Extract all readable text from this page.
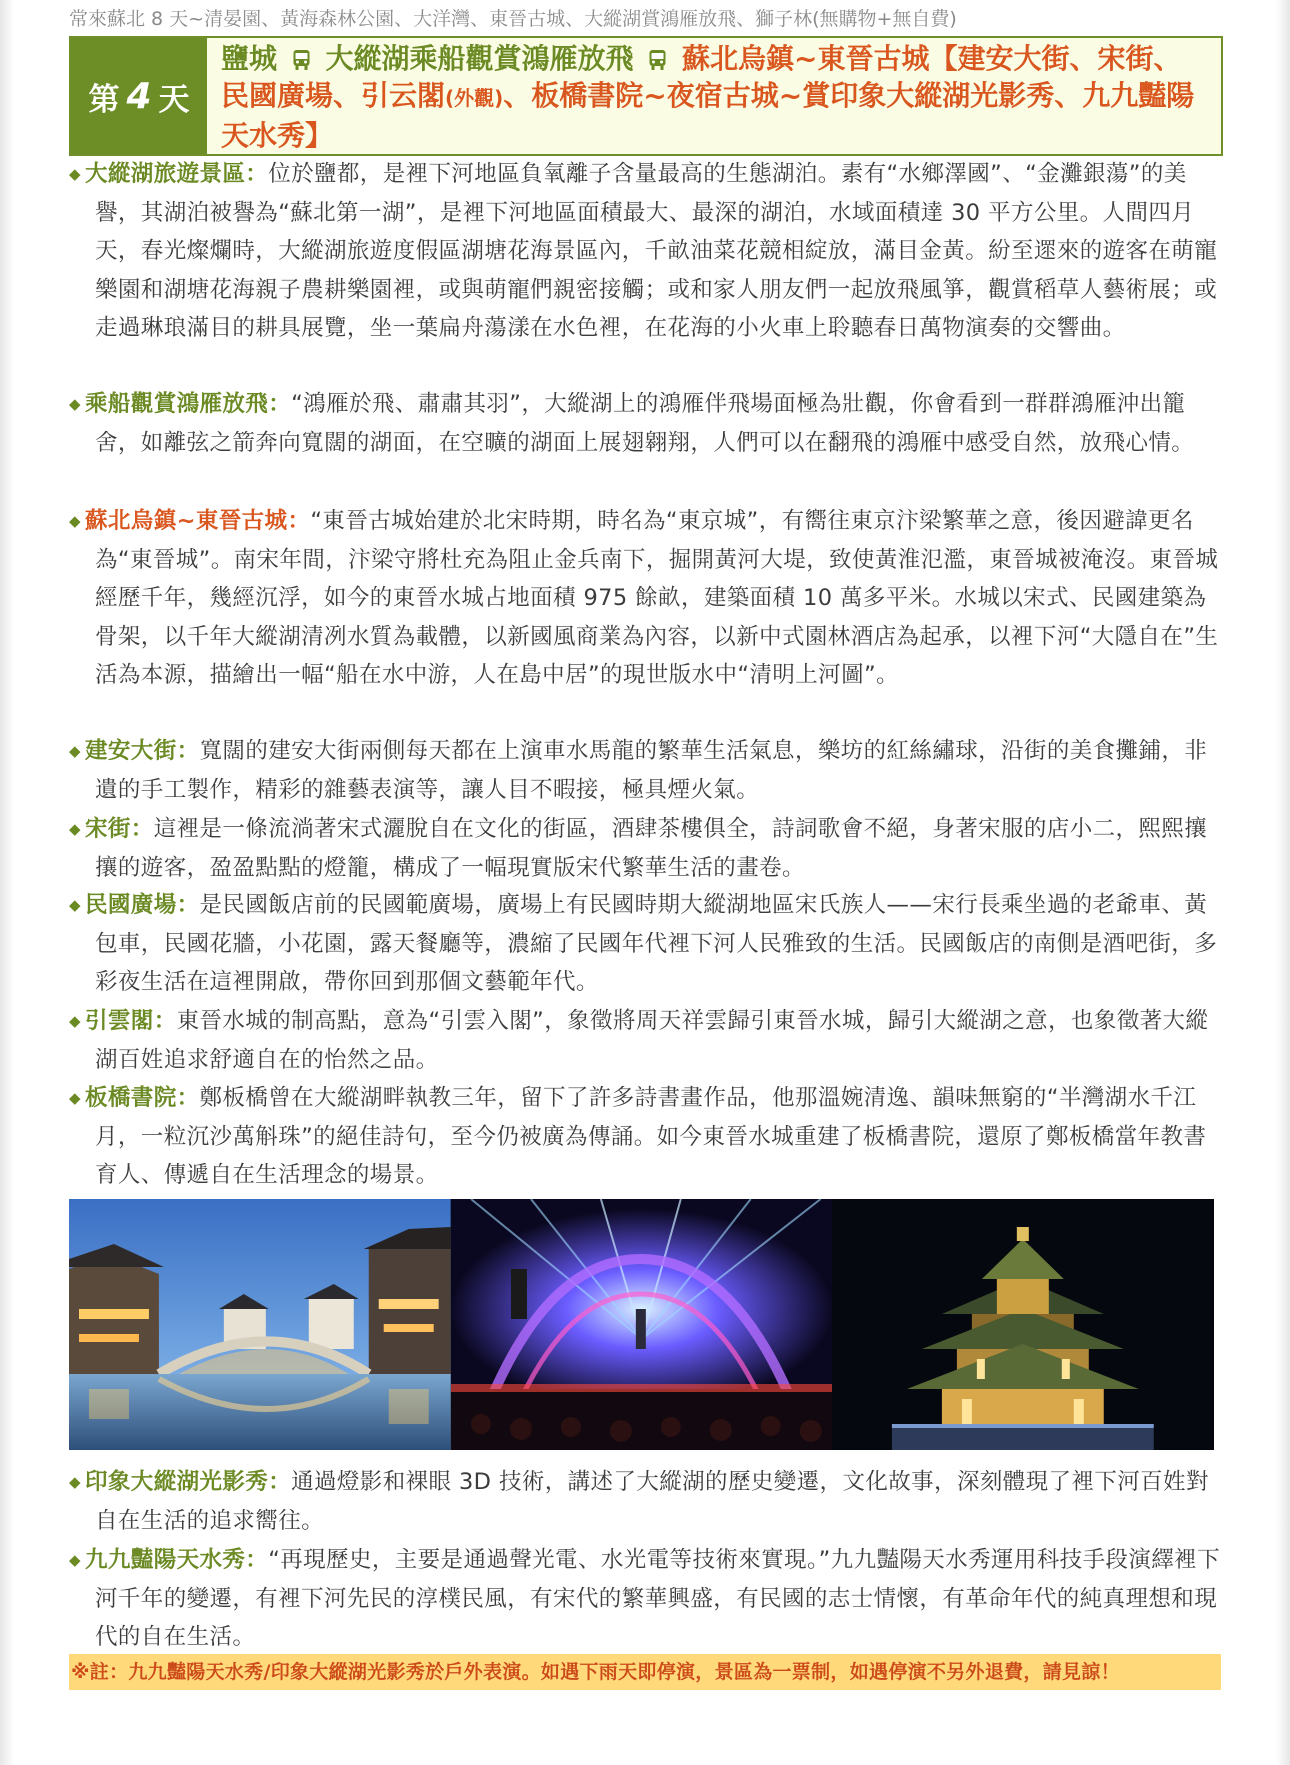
常來蘇北 8 天~清晏園、黃海森林公園、大洋灣、東晉古城、大縱湖賞鴻雁放飛、獅子林(無購物+無自費)
第 4 天
鹽城 大縱湖乘船觀賞鴻雁放飛 蘇北烏鎮~東晉古城【建安大街、宋街、民國廣場、引云閣(外觀)、板橋書院~夜宿古城~賞印象大縱湖光影秀、九九豔陽天水秀】

◆ 大縱湖旅遊景區：位於鹽都，是裡下河地區負氧離子含量最高的生態湖泊。素有“水鄉澤國”、“金灘銀蕩”的美譽，其湖泊被譽為“蘇北第一湖”，是裡下河地區面積最大、最深的湖泊，水域面積達 30 平方公里。人間四月天，春光燦爛時，大縱湖旅遊度假區湖塘花海景區內，千畝油菜花競相綻放，滿目金黃。紛至遝來的遊客在萌寵樂園和湖塘花海親子農耕樂園裡，或與萌寵們親密接觸；或和家人朋友們一起放飛風箏，觀賞稻草人藝術展；或走過琳琅滿目的耕具展覽，坐一葉扁舟蕩漾在水色裡，在花海的小火車上聆聽春日萬物演奏的交響曲。

◆ 乘船觀賞鴻雁放飛：“鴻雁於飛、肅肅其羽”，大縱湖上的鴻雁伴飛場面極為壯觀，你會看到一群群鴻雁沖出籠舍，如離弦之箭奔向寬闊的湖面，在空曠的湖面上展翅翱翔，人們可以在翻飛的鴻雁中感受自然，放飛心情。

◆ 蘇北烏鎮~東晉古城：“東晉古城始建於北宋時期，時名為“東京城”，有嚮往東京汴梁繁華之意，後因避諱更名為“東晉城”。南宋年間，汴梁守將杜充為阻止金兵南下，掘開黃河大堤，致使黃淮氾濫，東晉城被淹沒。東晉城經歷千年，幾經沉浮，如今的東晉水城占地面積 975 餘畝，建築面積 10 萬多平米。水城以宋式、民國建築為骨架，以千年大縱湖清冽水質為載體，以新國風商業為內容，以新中式園林酒店為起承，以裡下河“大隱自在”生活為本源，描繪出一幅“船在水中游，人在島中居”的現世版水中“清明上河圖”。

◆ 建安大街：寬闊的建安大街兩側每天都在上演車水馬龍的繁華生活氣息，樂坊的紅絲繡球，沿街的美食攤鋪，非遺的手工製作，精彩的雜藝表演等，讓人目不暇接，極具煙火氣。

◆ 宋街：這裡是一條流淌著宋式灑脫自在文化的街區，酒肆茶樓俱全，詩詞歌會不絕，身著宋服的店小二，熙熙攘攘的遊客，盈盈點點的燈籠，構成了一幅現實版宋代繁華生活的畫卷。

◆ 民國廣場：是民國飯店前的民國範廣場，廣場上有民國時期大縱湖地區宋氏族人——宋行長乘坐過的老爺車、黃包車，民國花牆，小花園，露天餐廳等，濃縮了民國年代裡下河人民雅致的生活。民國飯店的南側是酒吧街，多彩夜生活在這裡開啟，帶你回到那個文藝範年代。

◆ 引雲閣：東晉水城的制高點，意為“引雲入閣”，象徵將周天祥雲歸引東晉水城，歸引大縱湖之意，也象徵著大縱湖百姓追求舒適自在的怡然之品。

◆ 板橋書院：鄭板橋曾在大縱湖畔執教三年，留下了許多詩書畫作品，他那溫婉清逸、韻味無窮的“半灣湖水千江月，一粒沉沙萬斛珠”的絕佳詩句，至今仍被廣為傳誦。如今東晉水城重建了板橋書院，還原了鄭板橋當年教書育人、傳遞自在生活理念的場景。

◆ 印象大縱湖光影秀：通過燈影和裸眼 3D 技術，講述了大縱湖的歷史變遷，文化故事，深刻體現了裡下河百姓對自在生活的追求嚮往。

◆ 九九豔陽天水秀：“再現歷史，主要是通過聲光電、水光電等技術來實現。”九九豔陽天水秀運用科技手段演繹裡下河千年的變遷，有裡下河先民的淳樸民風，有宋代的繁華興盛，有民國的志士情懷，有革命年代的純真理想和現代的自在生活。

※註：九九豔陽天水秀/印象大縱湖光影秀於戶外表演。如遇下雨天即停演，景區為一票制，如遇停演不另外退費，請見諒！
